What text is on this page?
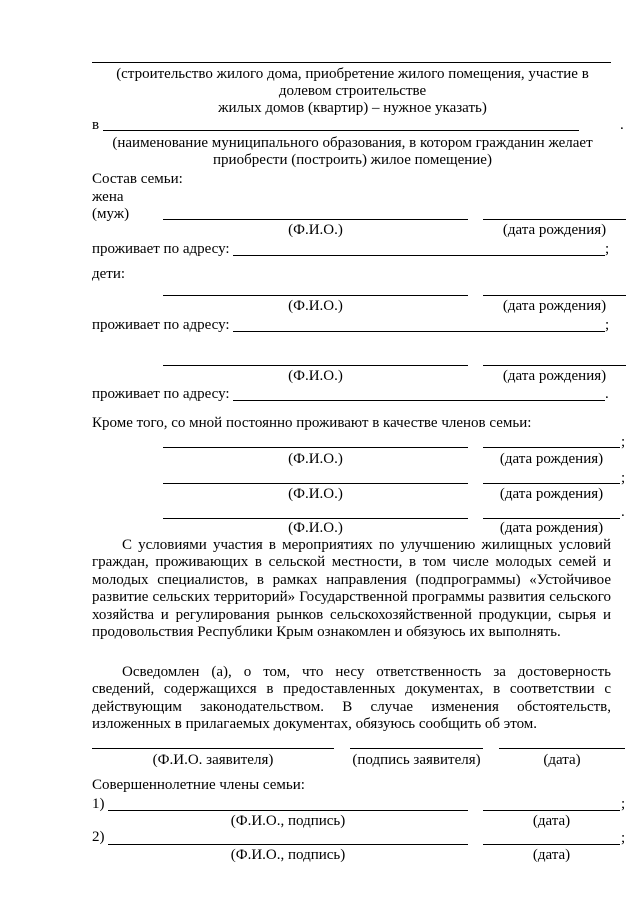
(строительство жилого дома, приобретение жилого помещения, участие в
долевом строительстве
жилых домов (квартир) – нужное указать)
в	.
(наименование муниципального образования, в котором гражданин желает
приобрести (построить) жилое помещение)
Состав семьи:
жена
(муж)
(Ф.И.О.)	(дата рождения)
проживает по адресу:	;
дети:
(Ф.И.О.)	(дата рождения)
проживает по адресу:	;
(Ф.И.О.)	(дата рождения)
проживает по адресу:	.
Кроме того, со мной постоянно проживают в качестве членов семьи:
;
(Ф.И.О.)	(дата рождения)
;
(Ф.И.О.)	(дата рождения)
.
(Ф.И.О.)	(дата рождения)
С условиями участия в мероприятиях по улучшению жилищных условий граждан, проживающих в сельской местности, в том числе молодых семей и молодых специалистов, в рамках направления (подпрограммы) «Устойчивое развитие сельских территорий» Государственной программы развития сельского хозяйства и регулирования рынков сельскохозяйственной продукции, сырья и продовольствия Республики Крым ознакомлен и обязуюсь их выполнять.
Осведомлен (а), о том, что несу ответственность за достоверность сведений, содержащихся в предоставленных документах, в соответствии с действующим законодательством. В случае изменения обстоятельств, изложенных в прилагаемых документах, обязуюсь сообщить об этом.
(Ф.И.О. заявителя)	(подпись заявителя)	(дата)
Совершеннолетние члены семьи:
1)	;
(Ф.И.О., подпись)	(дата)
2)	;
(Ф.И.О., подпись)	(дата)
